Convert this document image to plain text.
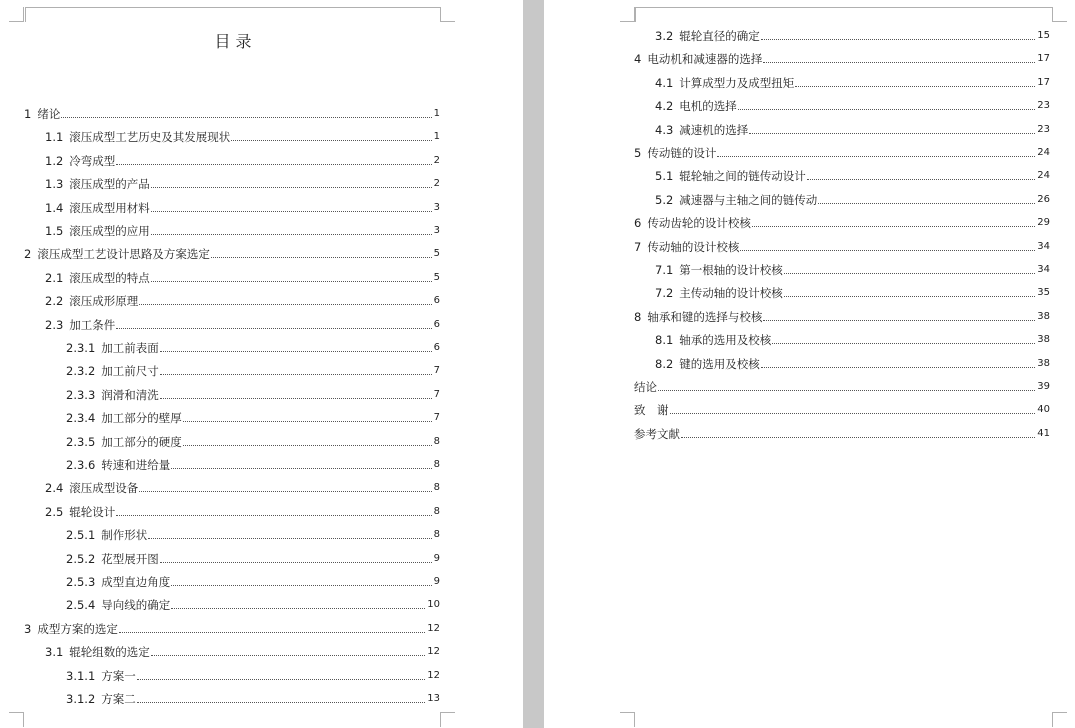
目 录
1 绪论	1
1.1 滚压成型工艺历史及其发展现状	1
1.2 冷弯成型	2
1.3 滚压成型的产品	2
1.4 滚压成型用材料	3
1.5 滚压成型的应用	3
2 滚压成型工艺设计思路及方案选定	5
2.1 滚压成型的特点	5
2.2 滚压成形原理	6
2.3 加工条件	6
2.3.1 加工前表面	6
2.3.2 加工前尺寸	7
2.3.3 润滑和清洗	7
2.3.4 加工部分的壁厚	7
2.3.5 加工部分的硬度	8
2.3.6 转速和进给量	8
2.4 滚压成型设备	8
2.5 辊轮设计	8
2.5.1 制作形状	8
2.5.2 花型展开图	9
2.5.3 成型直边角度	9
2.5.4 导向线的确定	10
3 成型方案的选定	12
3.1 辊轮组数的选定	12
3.1.1 方案一	12
3.1.2 方案二	13
3.2 辊轮直径的确定	15
4 电动机和减速器的选择	17
4.1 计算成型力及成型扭矩	17
4.2 电机的选择	23
4.3 减速机的选择	23
5 传动链的设计	24
5.1 辊轮轴之间的链传动设计	24
5.2 减速器与主轴之间的链传动	26
6 传动齿轮的设计校核	29
7 传动轴的设计校核	34
7.1 第一根轴的设计校核	34
7.2 主传动轴的设计校核	35
8 轴承和键的选择与校核	38
8.1 轴承的选用及校核	38
8.2 键的选用及校核	38
结论	39
致　谢	40
参考文献	41
